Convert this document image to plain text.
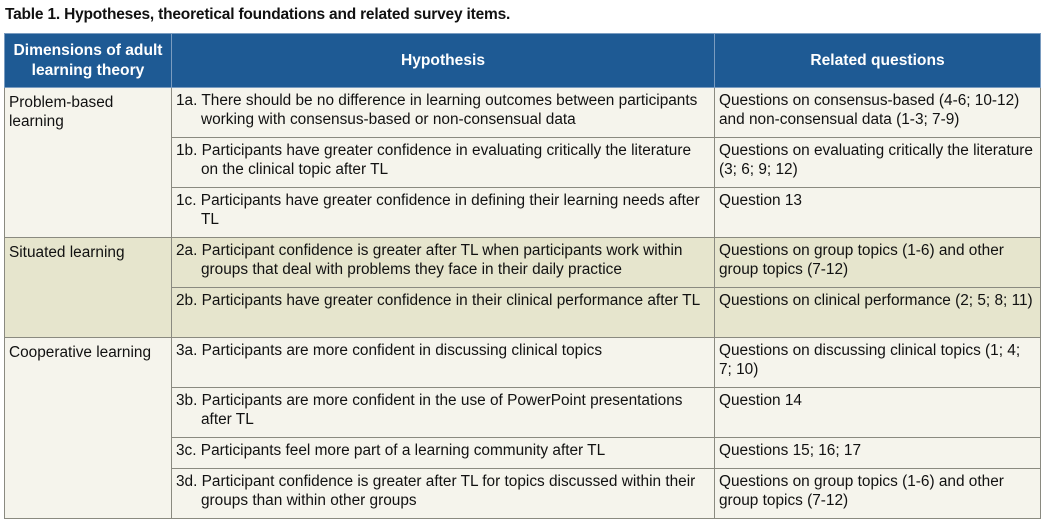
Table 1. Hypotheses, theoretical foundations and related survey items.
Dimensions of adult learning theory	Hypothesis	Related questions
Problem-based learning	1a. There should be no difference in learning outcomes between participants working with consensus-based or non-consensual data	Questions on consensus-based (4-6; 10-12) and non-consensual data (1-3; 7-9)

	1b. Participants have greater confidence in evaluating critically the literature on the clinical topic after TL	Questions on evaluating critically the literature (3; 6; 9; 12)

	1c. Participants have greater confidence in defining their learning needs after TL	Question 13
Situated learning	2a. Participant confidence is greater after TL when participants work within groups that deal with problems they face in their daily practice	Questions on group topics (1-6) and other group topics (7-12)

	2b. Participants have greater confidence in their clinical performance after TL	Questions on clinical performance (2; 5; 8; 11)
Cooperative learning	3a. Participants are more confident in discussing clinical topics	Questions on discussing clinical topics (1; 4; 7; 10)

	3b. Participants are more confident in the use of PowerPoint presentations after TL	Question 14

	3c. Participants feel more part of a learning community after TL	Questions 15; 16; 17

	3d. Participant confidence is greater after TL for topics discussed within their groups than within other groups	Questions on group topics (1-6) and other group topics (7-12)
